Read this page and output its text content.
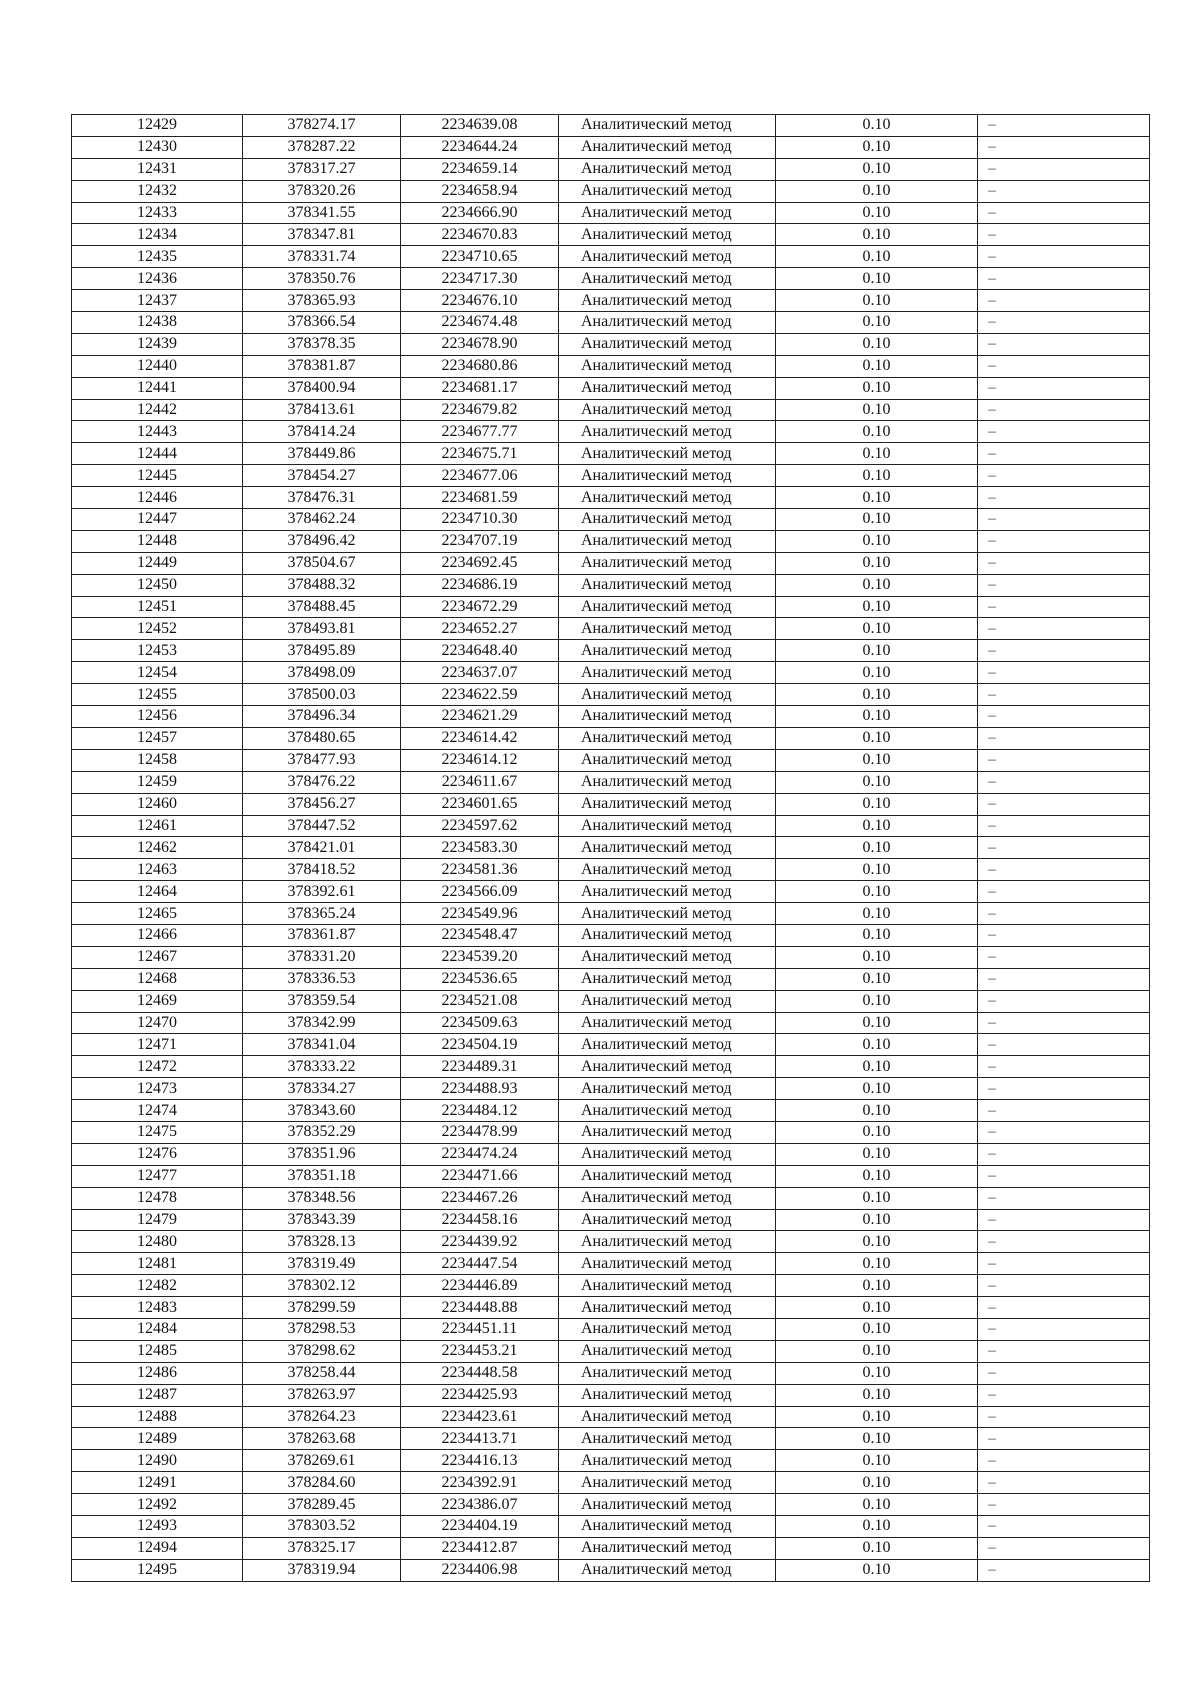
12429	378274.17	2234639.08	Аналитический метод	0.10	–
12430	378287.22	2234644.24	Аналитический метод	0.10	–
12431	378317.27	2234659.14	Аналитический метод	0.10	–
12432	378320.26	2234658.94	Аналитический метод	0.10	–
12433	378341.55	2234666.90	Аналитический метод	0.10	–
12434	378347.81	2234670.83	Аналитический метод	0.10	–
12435	378331.74	2234710.65	Аналитический метод	0.10	–
12436	378350.76	2234717.30	Аналитический метод	0.10	–
12437	378365.93	2234676.10	Аналитический метод	0.10	–
12438	378366.54	2234674.48	Аналитический метод	0.10	–
12439	378378.35	2234678.90	Аналитический метод	0.10	–
12440	378381.87	2234680.86	Аналитический метод	0.10	–
12441	378400.94	2234681.17	Аналитический метод	0.10	–
12442	378413.61	2234679.82	Аналитический метод	0.10	–
12443	378414.24	2234677.77	Аналитический метод	0.10	–
12444	378449.86	2234675.71	Аналитический метод	0.10	–
12445	378454.27	2234677.06	Аналитический метод	0.10	–
12446	378476.31	2234681.59	Аналитический метод	0.10	–
12447	378462.24	2234710.30	Аналитический метод	0.10	–
12448	378496.42	2234707.19	Аналитический метод	0.10	–
12449	378504.67	2234692.45	Аналитический метод	0.10	–
12450	378488.32	2234686.19	Аналитический метод	0.10	–
12451	378488.45	2234672.29	Аналитический метод	0.10	–
12452	378493.81	2234652.27	Аналитический метод	0.10	–
12453	378495.89	2234648.40	Аналитический метод	0.10	–
12454	378498.09	2234637.07	Аналитический метод	0.10	–
12455	378500.03	2234622.59	Аналитический метод	0.10	–
12456	378496.34	2234621.29	Аналитический метод	0.10	–
12457	378480.65	2234614.42	Аналитический метод	0.10	–
12458	378477.93	2234614.12	Аналитический метод	0.10	–
12459	378476.22	2234611.67	Аналитический метод	0.10	–
12460	378456.27	2234601.65	Аналитический метод	0.10	–
12461	378447.52	2234597.62	Аналитический метод	0.10	–
12462	378421.01	2234583.30	Аналитический метод	0.10	–
12463	378418.52	2234581.36	Аналитический метод	0.10	–
12464	378392.61	2234566.09	Аналитический метод	0.10	–
12465	378365.24	2234549.96	Аналитический метод	0.10	–
12466	378361.87	2234548.47	Аналитический метод	0.10	–
12467	378331.20	2234539.20	Аналитический метод	0.10	–
12468	378336.53	2234536.65	Аналитический метод	0.10	–
12469	378359.54	2234521.08	Аналитический метод	0.10	–
12470	378342.99	2234509.63	Аналитический метод	0.10	–
12471	378341.04	2234504.19	Аналитический метод	0.10	–
12472	378333.22	2234489.31	Аналитический метод	0.10	–
12473	378334.27	2234488.93	Аналитический метод	0.10	–
12474	378343.60	2234484.12	Аналитический метод	0.10	–
12475	378352.29	2234478.99	Аналитический метод	0.10	–
12476	378351.96	2234474.24	Аналитический метод	0.10	–
12477	378351.18	2234471.66	Аналитический метод	0.10	–
12478	378348.56	2234467.26	Аналитический метод	0.10	–
12479	378343.39	2234458.16	Аналитический метод	0.10	–
12480	378328.13	2234439.92	Аналитический метод	0.10	–
12481	378319.49	2234447.54	Аналитический метод	0.10	–
12482	378302.12	2234446.89	Аналитический метод	0.10	–
12483	378299.59	2234448.88	Аналитический метод	0.10	–
12484	378298.53	2234451.11	Аналитический метод	0.10	–
12485	378298.62	2234453.21	Аналитический метод	0.10	–
12486	378258.44	2234448.58	Аналитический метод	0.10	–
12487	378263.97	2234425.93	Аналитический метод	0.10	–
12488	378264.23	2234423.61	Аналитический метод	0.10	–
12489	378263.68	2234413.71	Аналитический метод	0.10	–
12490	378269.61	2234416.13	Аналитический метод	0.10	–
12491	378284.60	2234392.91	Аналитический метод	0.10	–
12492	378289.45	2234386.07	Аналитический метод	0.10	–
12493	378303.52	2234404.19	Аналитический метод	0.10	–
12494	378325.17	2234412.87	Аналитический метод	0.10	–
12495	378319.94	2234406.98	Аналитический метод	0.10	–
